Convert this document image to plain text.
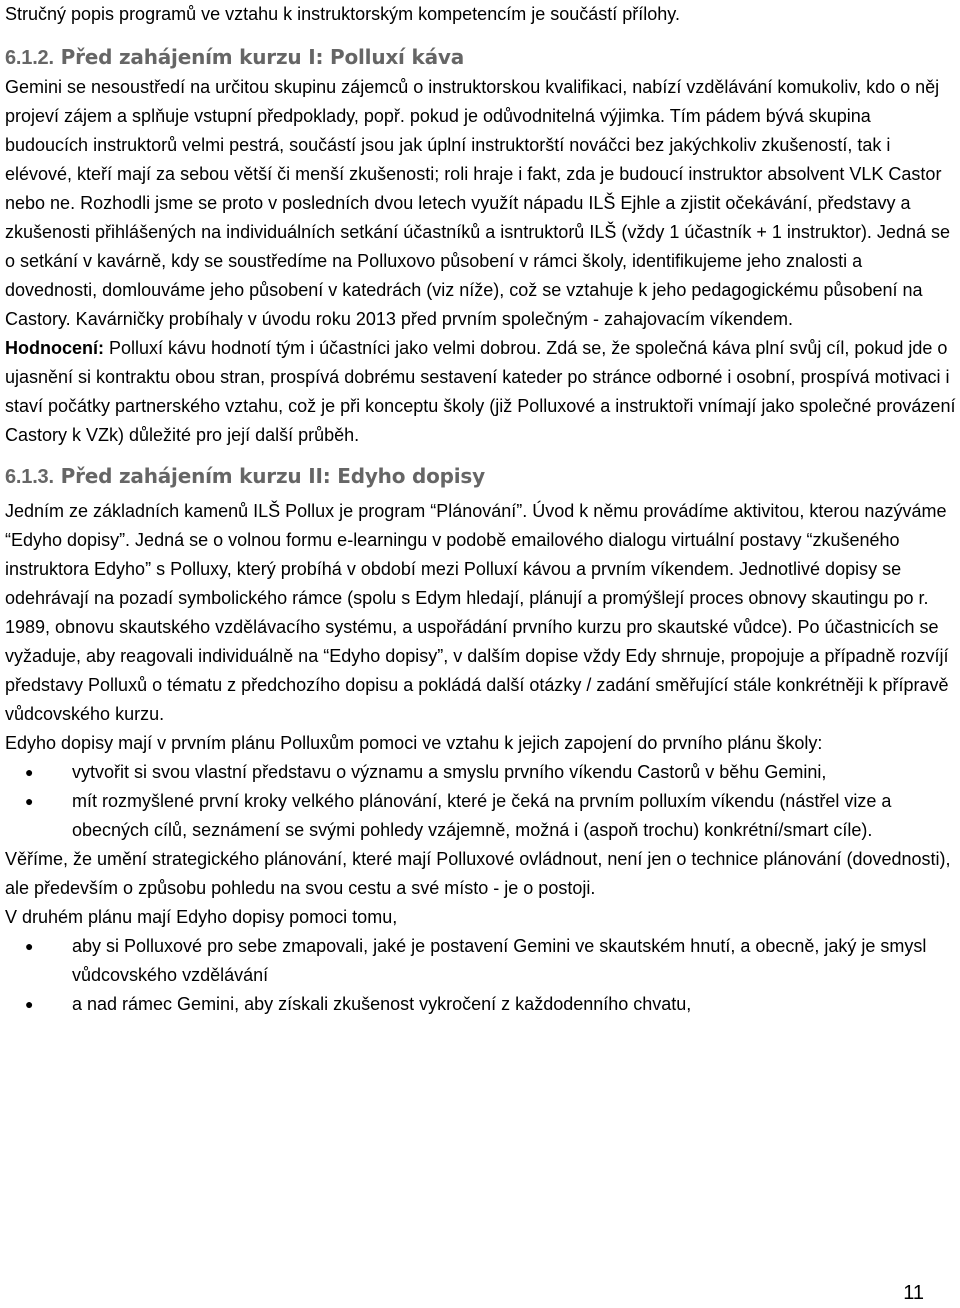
Stručný popis programů ve vztahu k instruktorským kompetencím je součástí přílohy.

6.1.2. Před zahájením kurzu I: Polluxí káva

Gemini se nesoustředí na určitou skupinu zájemců o instruktorskou kvalifikaci, nabízí vzdělávání komukoliv, kdo o něj projeví zájem a splňuje vstupní předpoklady, popř. pokud je odůvodnitelná výjimka. Tím pádem bývá skupina budoucích instruktorů velmi pestrá, součástí jsou jak úplní instruktorští nováčci bez jakýchkoliv zkušeností, tak i elévové, kteří mají za sebou větší či menší zkušenosti; roli hraje i fakt, zda je budoucí instruktor absolvent VLK Castor nebo ne. Rozhodli jsme se proto v posledních dvou letech využít nápadu ILŠ Ejhle a zjistit očekávání, představy a zkušenosti přihlášených na individuálních setkání účastníků a isntruktorů ILŠ (vždy 1 účastník + 1 instruktor). Jedná se o setkání v kavárně, kdy se soustředíme na Polluxovo působení v rámci školy, identifikujeme jeho znalosti a dovednosti, domlouváme jeho působení v katedrách (viz níže), což se vztahuje k jeho pedagogickému působení na Castory. Kavárničky probíhaly v úvodu roku 2013 před prvním společným - zahajovacím víkendem.

Hodnocení: Polluxí kávu hodnotí tým i účastníci jako velmi dobrou. Zdá se, že společná káva plní svůj cíl, pokud jde o ujasnění si kontraktu obou stran, prospívá dobrému sestavení kateder po stránce odborné i osobní, prospívá motivaci i staví počátky partnerského vztahu, což je při konceptu školy (již Polluxové a instruktoři vnímají jako společné provázení Castory k VZk) důležité pro její další průběh.

6.1.3. Před zahájením kurzu II: Edyho dopisy

Jedním ze základních kamenů ILŠ Pollux je program “Plánování”. Úvod k němu provádíme aktivitou, kterou nazýváme “Edyho dopisy”. Jedná se o volnou formu e-learningu v podobě emailového dialogu virtuální postavy “zkušeného instruktora Edyho” s Polluxy, který probíhá v období mezi Polluxí kávou a prvním víkendem. Jednotlivé dopisy se odehrávají na pozadí symbolického rámce (spolu s Edym hledají, plánují a promýšlejí proces obnovy skautingu po r. 1989, obnovu skautského vzdělávacího systému, a uspořádání prvního kurzu pro skautské vůdce). Po účastnicích se vyžaduje, aby reagovali individuálně na “Edyho dopisy”, v dalším dopise vždy Edy shrnuje, propojuje a případně rozvíjí představy Polluxů o tématu z předchozího dopisu a pokládá další otázky / zadání směřující stále konkrétněji k přípravě vůdcovského kurzu.

Edyho dopisy mají v prvním plánu Polluxům pomoci ve vztahu k jejich zapojení do prvního plánu školy:

● vytvořit si svou vlastní představu o významu a smyslu prvního víkendu Castorů v běhu Gemini,
● mít rozmyšlené první kroky velkého plánování, které je čeká na prvním polluxím víkendu (nástřel vize a obecných cílů, seznámení se svými pohledy vzájemně, možná i (aspoň trochu) konkrétní/smart cíle).

Věříme, že umění strategického plánování, které mají Polluxové ovládnout, není jen o technice plánování (dovednosti), ale především o způsobu pohledu na svou cestu a své místo - je o postoji.

V druhém plánu mají Edyho dopisy pomoci tomu,

● aby si Polluxové pro sebe zmapovali, jaké je postavení Gemini ve skautském hnutí, a obecně, jaký je smysl vůdcovského vzdělávání
● a nad rámec Gemini, aby získali zkušenost vykročení z každodenního chvatu,
11
